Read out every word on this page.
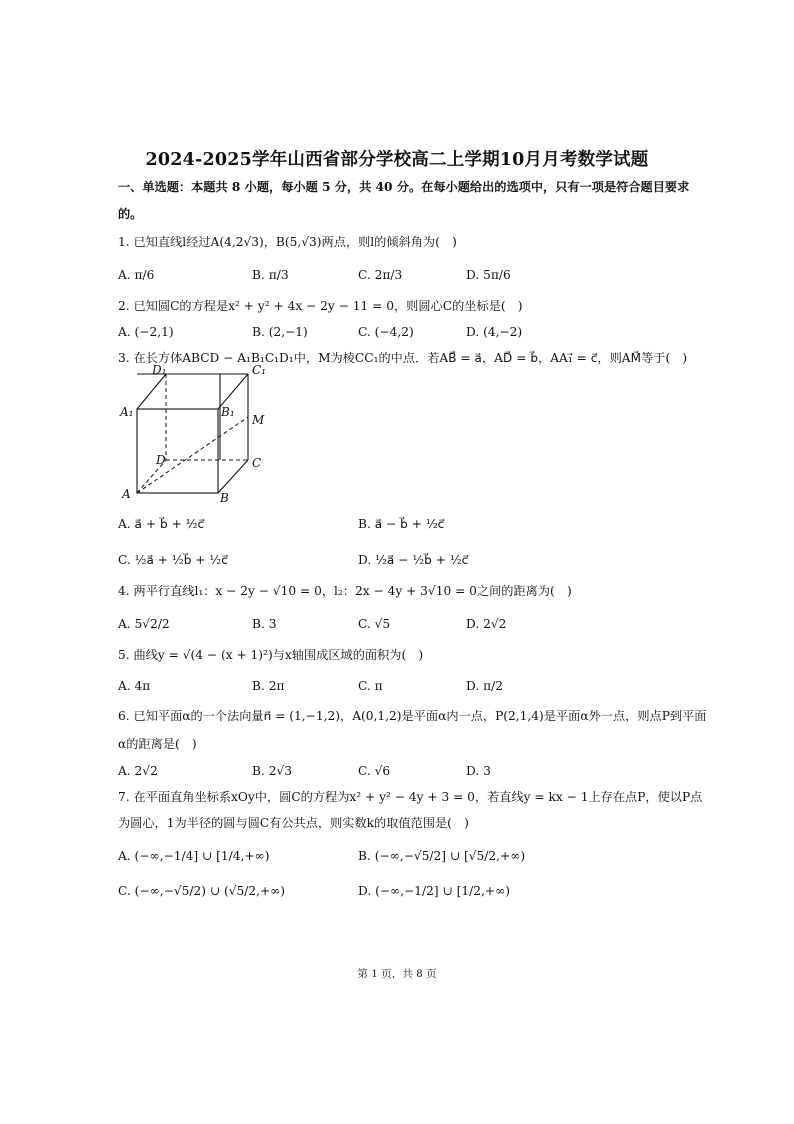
2024-2025学年山西省部分学校高二上学期10月月考数学试题
一、单选题：本题共 8 小题，每小题 5 分，共 40 分。在每小题给出的选项中，只有一项是符合题目要求
的。
1. 已知直线l经过A(4,2√3)，B(5,√3)两点，则l的倾斜角为(　)
A. π/6	B. π/3	C. 2π/3	D. 5π/6
2. 已知圆C的方程是x² + y² + 4x − 2y − 11 = 0，则圆心C的坐标是(　)
A. (−2,1)	B. (2,−1)	C. (−4,2)	D. (4,−2)
3. 在长方体ABCD − A₁B₁C₁D₁中，M为棱CC₁的中点．若AB⃗ = a⃗，AD⃗ = b⃗，AA₁⃗ = c⃗，则AM⃗等于(　)
D₁	C₁
A₁	B₁
M
D	C
A	B
A. a⃗ + b⃗ + ½c⃗	B. a⃗ − b⃗ + ½c⃗
C. ½a⃗ + ½b⃗ + ½c⃗	D. ½a⃗ − ½b⃗ + ½c⃗
4. 两平行直线l₁：x − 2y − √10 = 0，l₂：2x − 4y + 3√10 = 0之间的距离为(　)
A. 5√2/2	B. 3	C. √5	D. 2√2
5. 曲线y = √(4 − (x + 1)²)与x轴围成区域的面积为(　)
A. 4π	B. 2π	C. π	D. π/2
6. 已知平面α的一个法向量n⃗ = (1,−1,2)，A(0,1,2)是平面α内一点，P(2,1,4)是平面α外一点，则点P到平面
α的距离是(　)
A. 2√2	B. 2√3	C. √6	D. 3
7. 在平面直角坐标系xOy中，圆C的方程为x² + y² − 4y + 3 = 0，若直线y = kx − 1上存在点P，使以P点
为圆心，1为半径的圆与圆C有公共点，则实数k的取值范围是(　)
A. (−∞,−1/4] ∪ [1/4,+∞)	B. (−∞,−√5/2] ∪ [√5/2,+∞)
C. (−∞,−√5/2) ∪ (√5/2,+∞)	D. (−∞,−1/2] ∪ [1/2,+∞)
第 1 页，共 8 页
